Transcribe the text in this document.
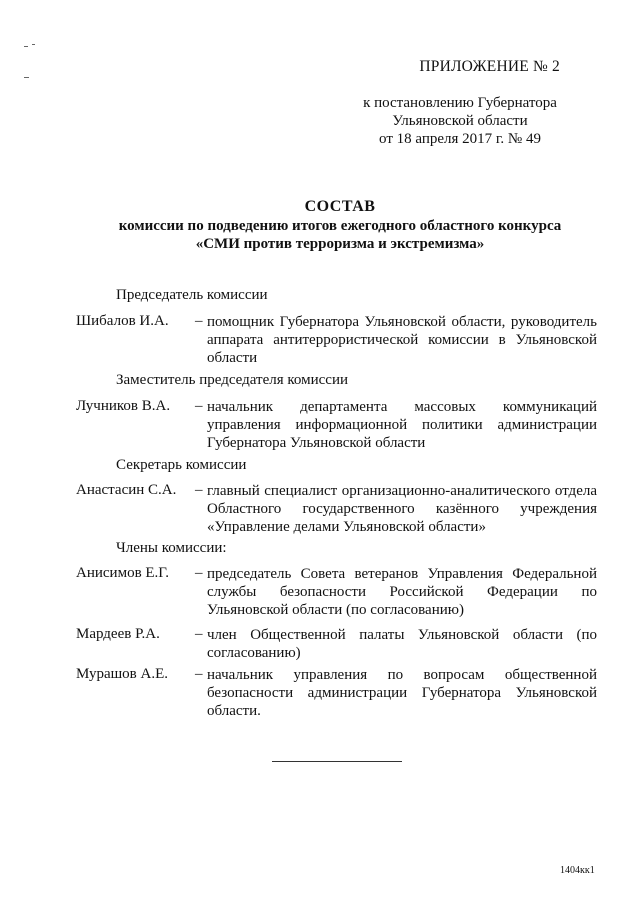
ПРИЛОЖЕНИЕ № 2
к постановлению Губернатора
Ульяновской области
от 18 апреля 2017 г. № 49
СОСТАВ
комиссии по подведению итогов ежегодного областного конкурса
«СМИ против терроризма и экстремизма»
Председатель комиссии
Шибалов И.А. – помощник Губернатора Ульяновской области, руководитель аппарата антитеррористической комиссии в Ульяновской области
Заместитель председателя комиссии
Лучников В.А. – начальник департамента массовых коммуникаций управления информационной политики администрации Губернатора Ульяновской области
Секретарь комиссии
Анастасин С.А. – главный специалист организационно-аналитического отдела Областного государственного казённого учреждения «Управление делами Ульяновской области»
Члены комиссии:
Анисимов Е.Г. – председатель Совета ветеранов Управления Федеральной службы безопасности Российской Федерации по Ульяновской области (по согласованию)
Мардеев Р.А. – член Общественной палаты Ульяновской области (по согласованию)
Мурашов А.Е. – начальник управления по вопросам общественной безопасности администрации Губернатора Ульяновской области.
1404кк1
